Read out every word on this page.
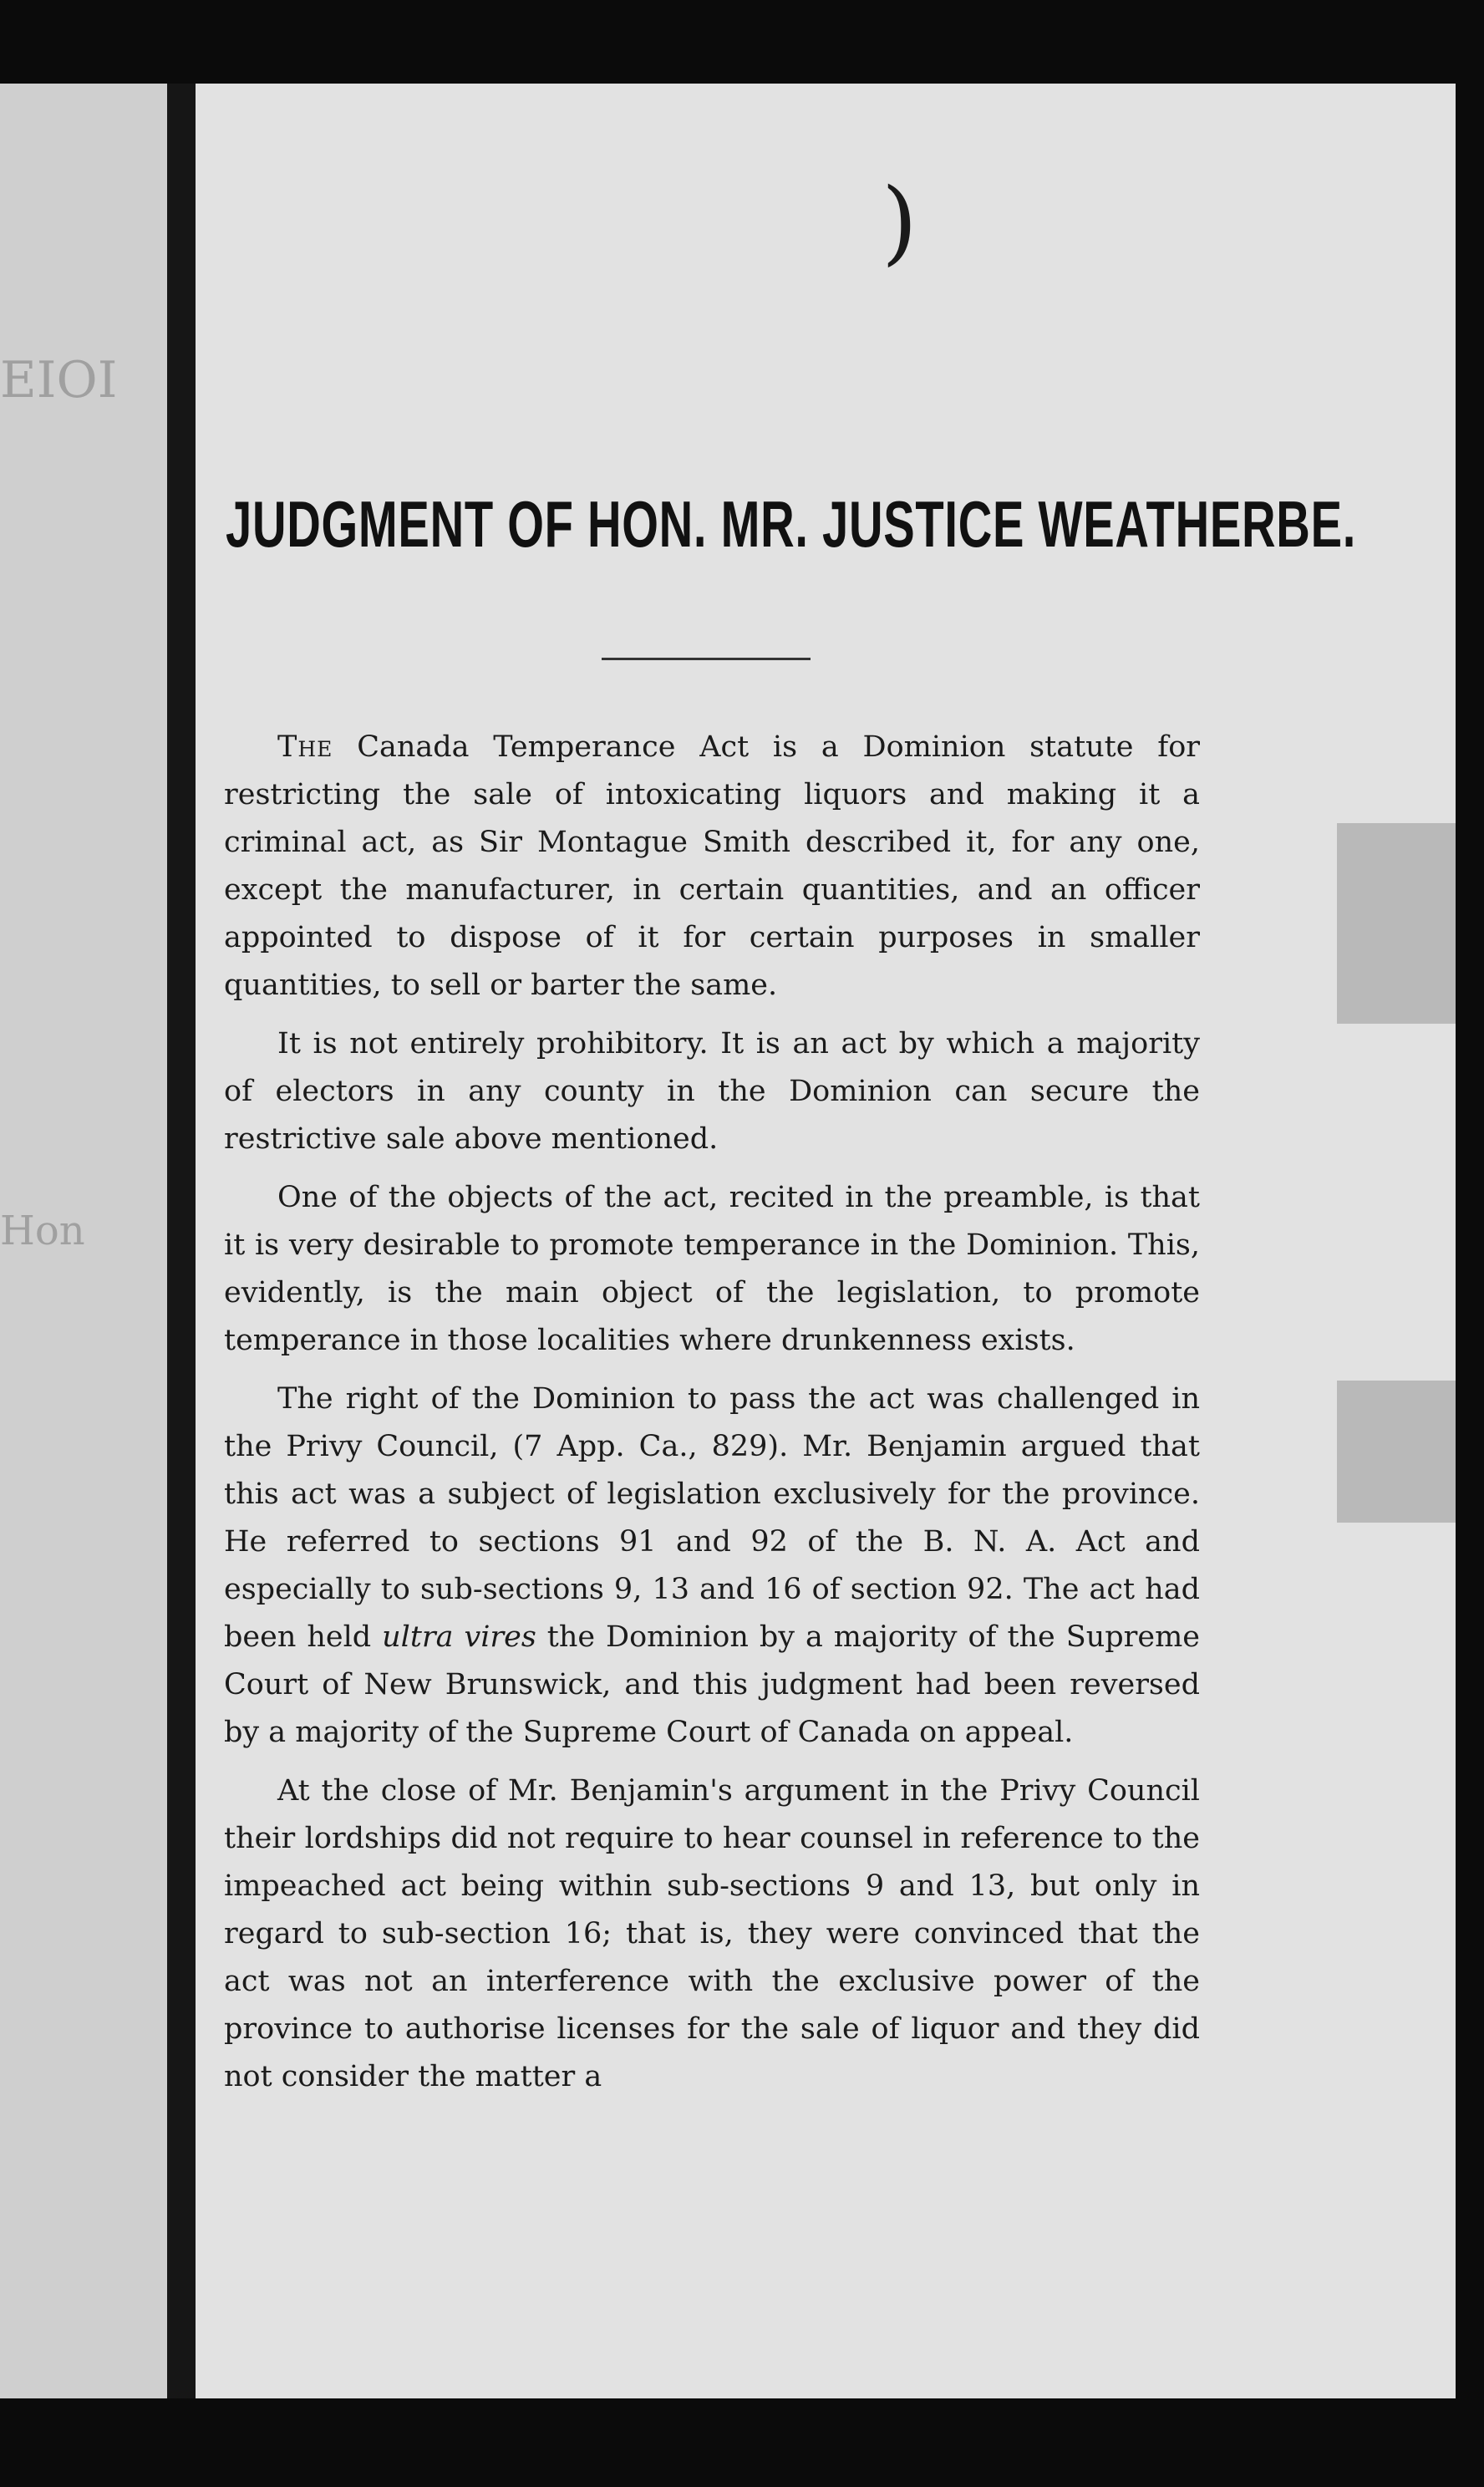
EIOI
Hon
)
JUDGMENT OF HON. MR. JUSTICE WEATHERBE.

The Canada Temperance Act is a Dominion statute for restricting the sale of intoxicating liquors and making it a criminal act, as Sir Montague Smith described it, for any one, except the manufacturer, in certain quantities, and an officer appointed to dispose of it for certain purposes in smaller quantities, to sell or barter the same.

It is not entirely prohibitory. It is an act by which a majority of electors in any county in the Dominion can secure the restrictive sale above mentioned.

One of the objects of the act, recited in the preamble, is that it is very desirable to promote temperance in the Dominion. This, evidently, is the main object of the legislation, to promote temperance in those localities where drunkenness exists.

The right of the Dominion to pass the act was challenged in the Privy Council, (7 App. Ca., 829). Mr. Benjamin argued that this act was a subject of legislation exclusively for the province. He referred to sections 91 and 92 of the B. N. A. Act and especially to sub-sections 9, 13 and 16 of section 92. The act had been held ultra vires the Dominion by a majority of the Supreme Court of New Brunswick, and this judgment had been reversed by a majority of the Supreme Court of Canada on appeal.

At the close of Mr. Benjamin's argument in the Privy Council their lordships did not require to hear counsel in reference to the impeached act being within sub-sections 9 and 13, but only in regard to sub-section 16; that is, they were convinced that the act was not an interference with the exclusive power of the province to authorise licenses for the sale of liquor and they did not consider the matter a
